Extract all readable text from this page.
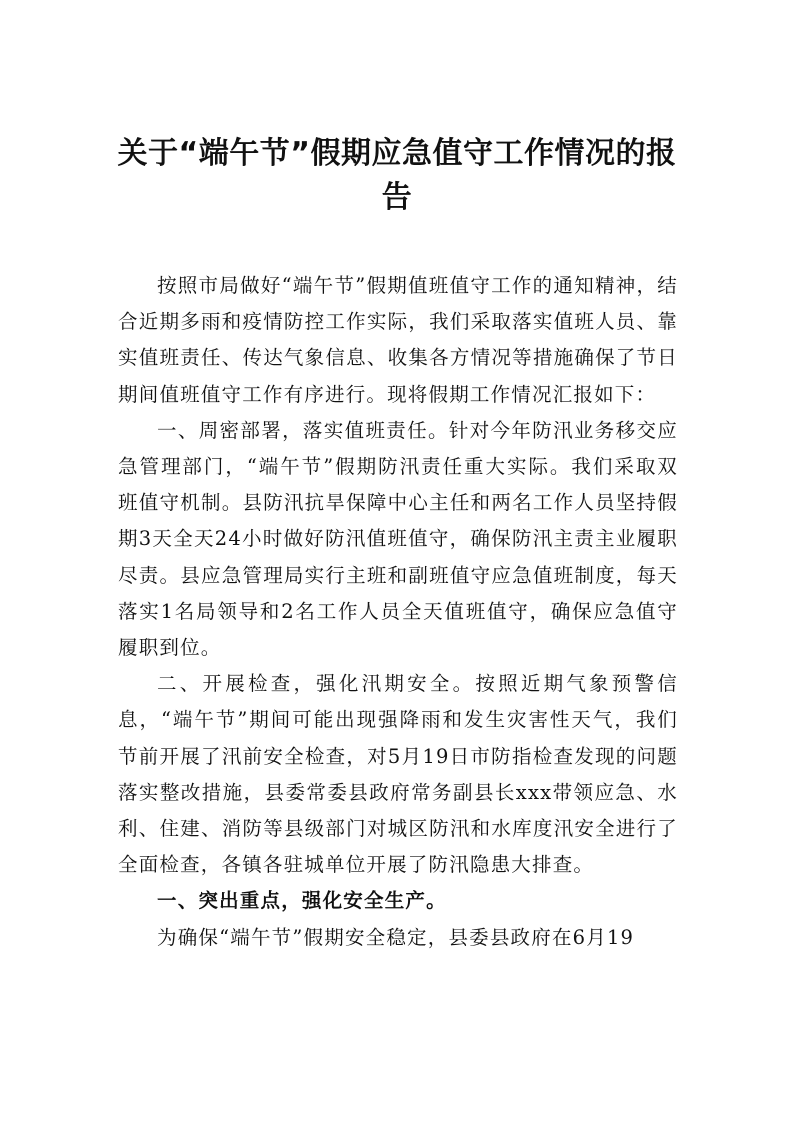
关于“端午节”假期应急值守工作情况的报告

按照市局做好“端午节”假期值班值守工作的通知精神，结合近期多雨和疫情防控工作实际，我们采取落实值班人员、靠实值班责任、传达气象信息、收集各方情况等措施确保了节日期间值班值守工作有序进行。现将假期工作情况汇报如下：

一、周密部署，落实值班责任。针对今年防汛业务移交应急管理部门，“端午节”假期防汛责任重大实际。我们采取双班值守机制。县防汛抗旱保障中心主任和两名工作人员坚持假期3天全天24小时做好防汛值班值守，确保防汛主责主业履职尽责。县应急管理局实行主班和副班值守应急值班制度，每天落实1名局领导和2名工作人员全天值班值守，确保应急值守履职到位。

二、开展检查，强化汛期安全。按照近期气象预警信息，“端午节”期间可能出现强降雨和发生灾害性天气，我们节前开展了汛前安全检查，对5月19日市防指检查发现的问题落实整改措施，县委常委县政府常务副县长xxx带领应急、水利、住建、消防等县级部门对城区防汛和水库度汛安全进行了全面检查，各镇各驻城单位开展了防汛隐患大排查。

一、突出重点，强化安全生产。

为确保“端午节”假期安全稳定，县委县政府在6月19
